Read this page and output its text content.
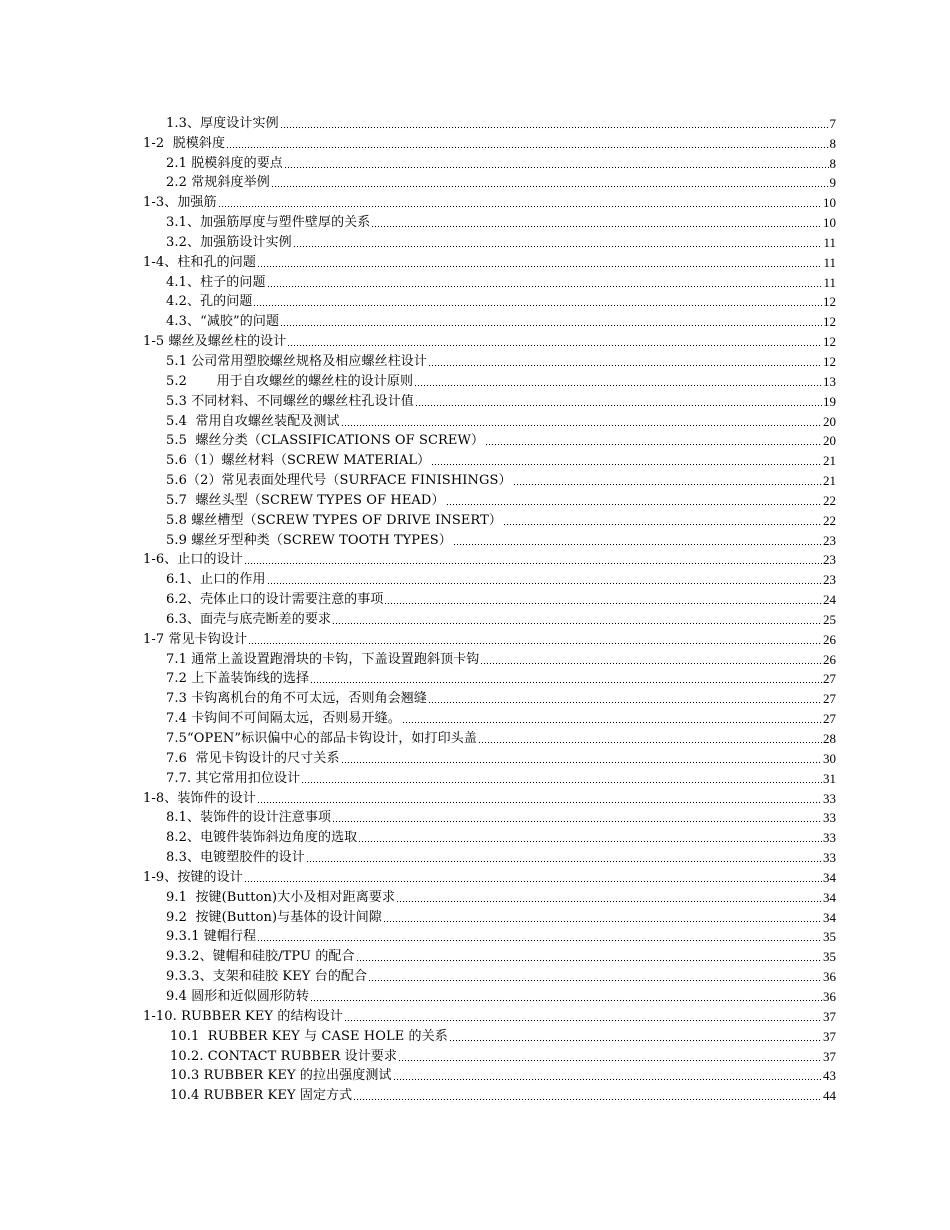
1.3、厚度设计实例	7
1-2  脱模斜度	8
2.1 脱模斜度的要点	8
2.2 常规斜度举例	9
1-3、加强筋	10
3.1、加强筋厚度与塑件壁厚的关系	10
3.2、加强筋设计实例	11
1-4、柱和孔的问题	11
4.1、柱子的问题	11
4.2、孔的问题	12
4.3、“减胶”的问题	12
1-5 螺丝及螺丝柱的设计	12
5.1 公司常用塑胶螺丝规格及相应螺丝柱设计	12
5.2       用于自攻螺丝的螺丝柱的设计原则	13
5.3 不同材料、不同螺丝的螺丝柱孔设计值	19
5.4  常用自攻螺丝装配及测试	20
5.5  螺丝分类（CLASSIFICATIONS OF SCREW）	20
5.6（1）螺丝材料（SCREW MATERIAL）	21
5.6（2）常见表面处理代号（SURFACE FINISHINGS）	21
5.7  螺丝头型（SCREW TYPES OF HEAD）	22
5.8 螺丝槽型（SCREW TYPES OF DRIVE INSERT）	22
5.9 螺丝牙型种类（SCREW TOOTH TYPES）	23
1-6、止口的设计	23
6.1、止口的作用	23
6.2、壳体止口的设计需要注意的事项	24
6.3、面壳与底壳断差的要求	25
1-7 常见卡钩设计	26
7.1 通常上盖设置跑滑块的卡钩，下盖设置跑斜顶卡钩	26
7.2 上下盖装饰线的选择	27
7.3 卡钩离机台的角不可太远，否则角会翘缝	27
7.4 卡钩间不可间隔太远，否则易开缝。	27
7.5“OPEN”标识偏中心的部品卡钩设计，如打印头盖	28
7.6  常见卡钩设计的尺寸关系	30
7.7. 其它常用扣位设计	31
1-8、装饰件的设计	33
8.1、装饰件的设计注意事项	33
8.2、电镀件装饰斜边角度的选取	33
8.3、电镀塑胶件的设计	33
1-9、按键的设计	34
9.1  按键(Button)大小及相对距离要求	34
9.2  按键(Button)与基体的设计间隙	34
9.3.1 键帽行程	35
9.3.2、键帽和硅胶/TPU 的配合	35
9.3.3、支架和硅胶 KEY 台的配合	36
9.4 圆形和近似圆形防转	36
1-10. RUBBER KEY 的结构设计	37
10.1  RUBBER KEY 与 CASE HOLE 的关系	37
10.2. CONTACT RUBBER 设计要求	37
10.3 RUBBER KEY 的拉出强度测试	43
10.4 RUBBER KEY 固定方式	44
